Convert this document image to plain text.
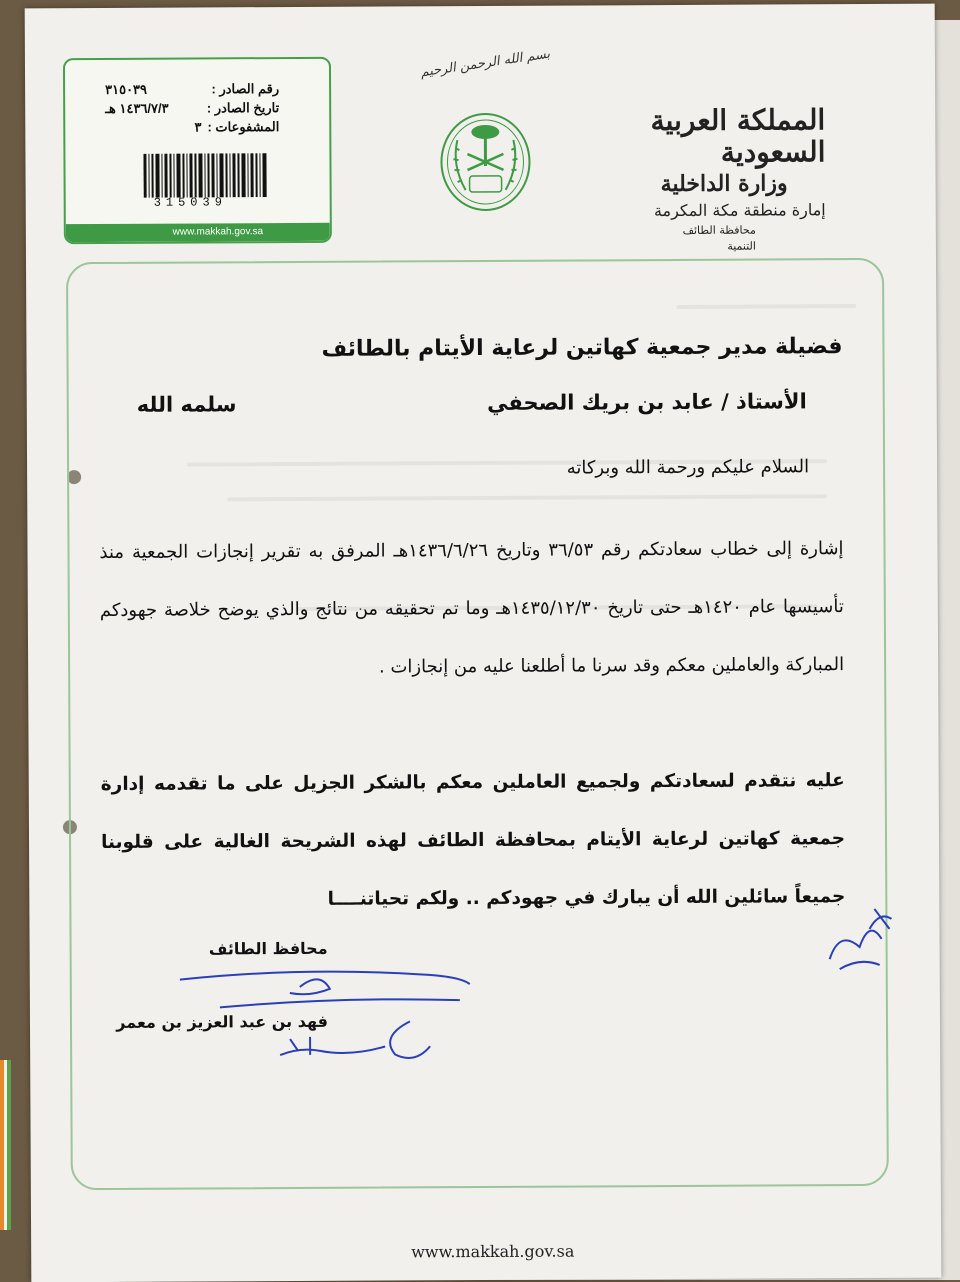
بسم الله الرحمن الرحيم
المملكة العربية السعودية
وزارة الداخلية
إمارة منطقة مكة المكرمة
محافظة الطائف
التنمية
رقم الصادر :
٣١٥٠٣٩
تاريخ الصادر :
١٤٣٦/٧/٣ هـ
المشفوعات :
٣
315039
www.makkah.gov.sa
فضيلة مدير جمعية كهاتين لرعاية الأيتام بالطائف
الأستاذ / عابد بن بريك الصحفي
سلمه الله
السلام عليكم ورحمة الله وبركاته
إشارة إلى خطاب سعادتكم رقم ٣٦/٥٣ وتاريخ ١٤٣٦/٦/٢٦هـ المرفق به تقرير إنجازات الجمعية منذ تأسيسها عام ١٤٢٠هـ حتى تاريخ ١٤٣٥/١٢/٣٠هـ وما تم تحقيقه من نتائج والذي يوضح خلاصة جهودكم المباركة والعاملين معكم وقد سرنا ما أطلعنا عليه من إنجازات .
عليه نتقدم لسعادتكم ولجميع العاملين معكم بالشكر الجزيل على ما تقدمه إدارة جمعية كهاتين لرعاية الأيتام بمحافظة الطائف لهذه الشريحة الغالية على قلوبنا جميعاً سائلين الله أن يبارك في جهودكم .. ولكم تحياتنــــا
محافظ الطائف
فهد بن عبد العزيز بن معمر
www.makkah.gov.sa
